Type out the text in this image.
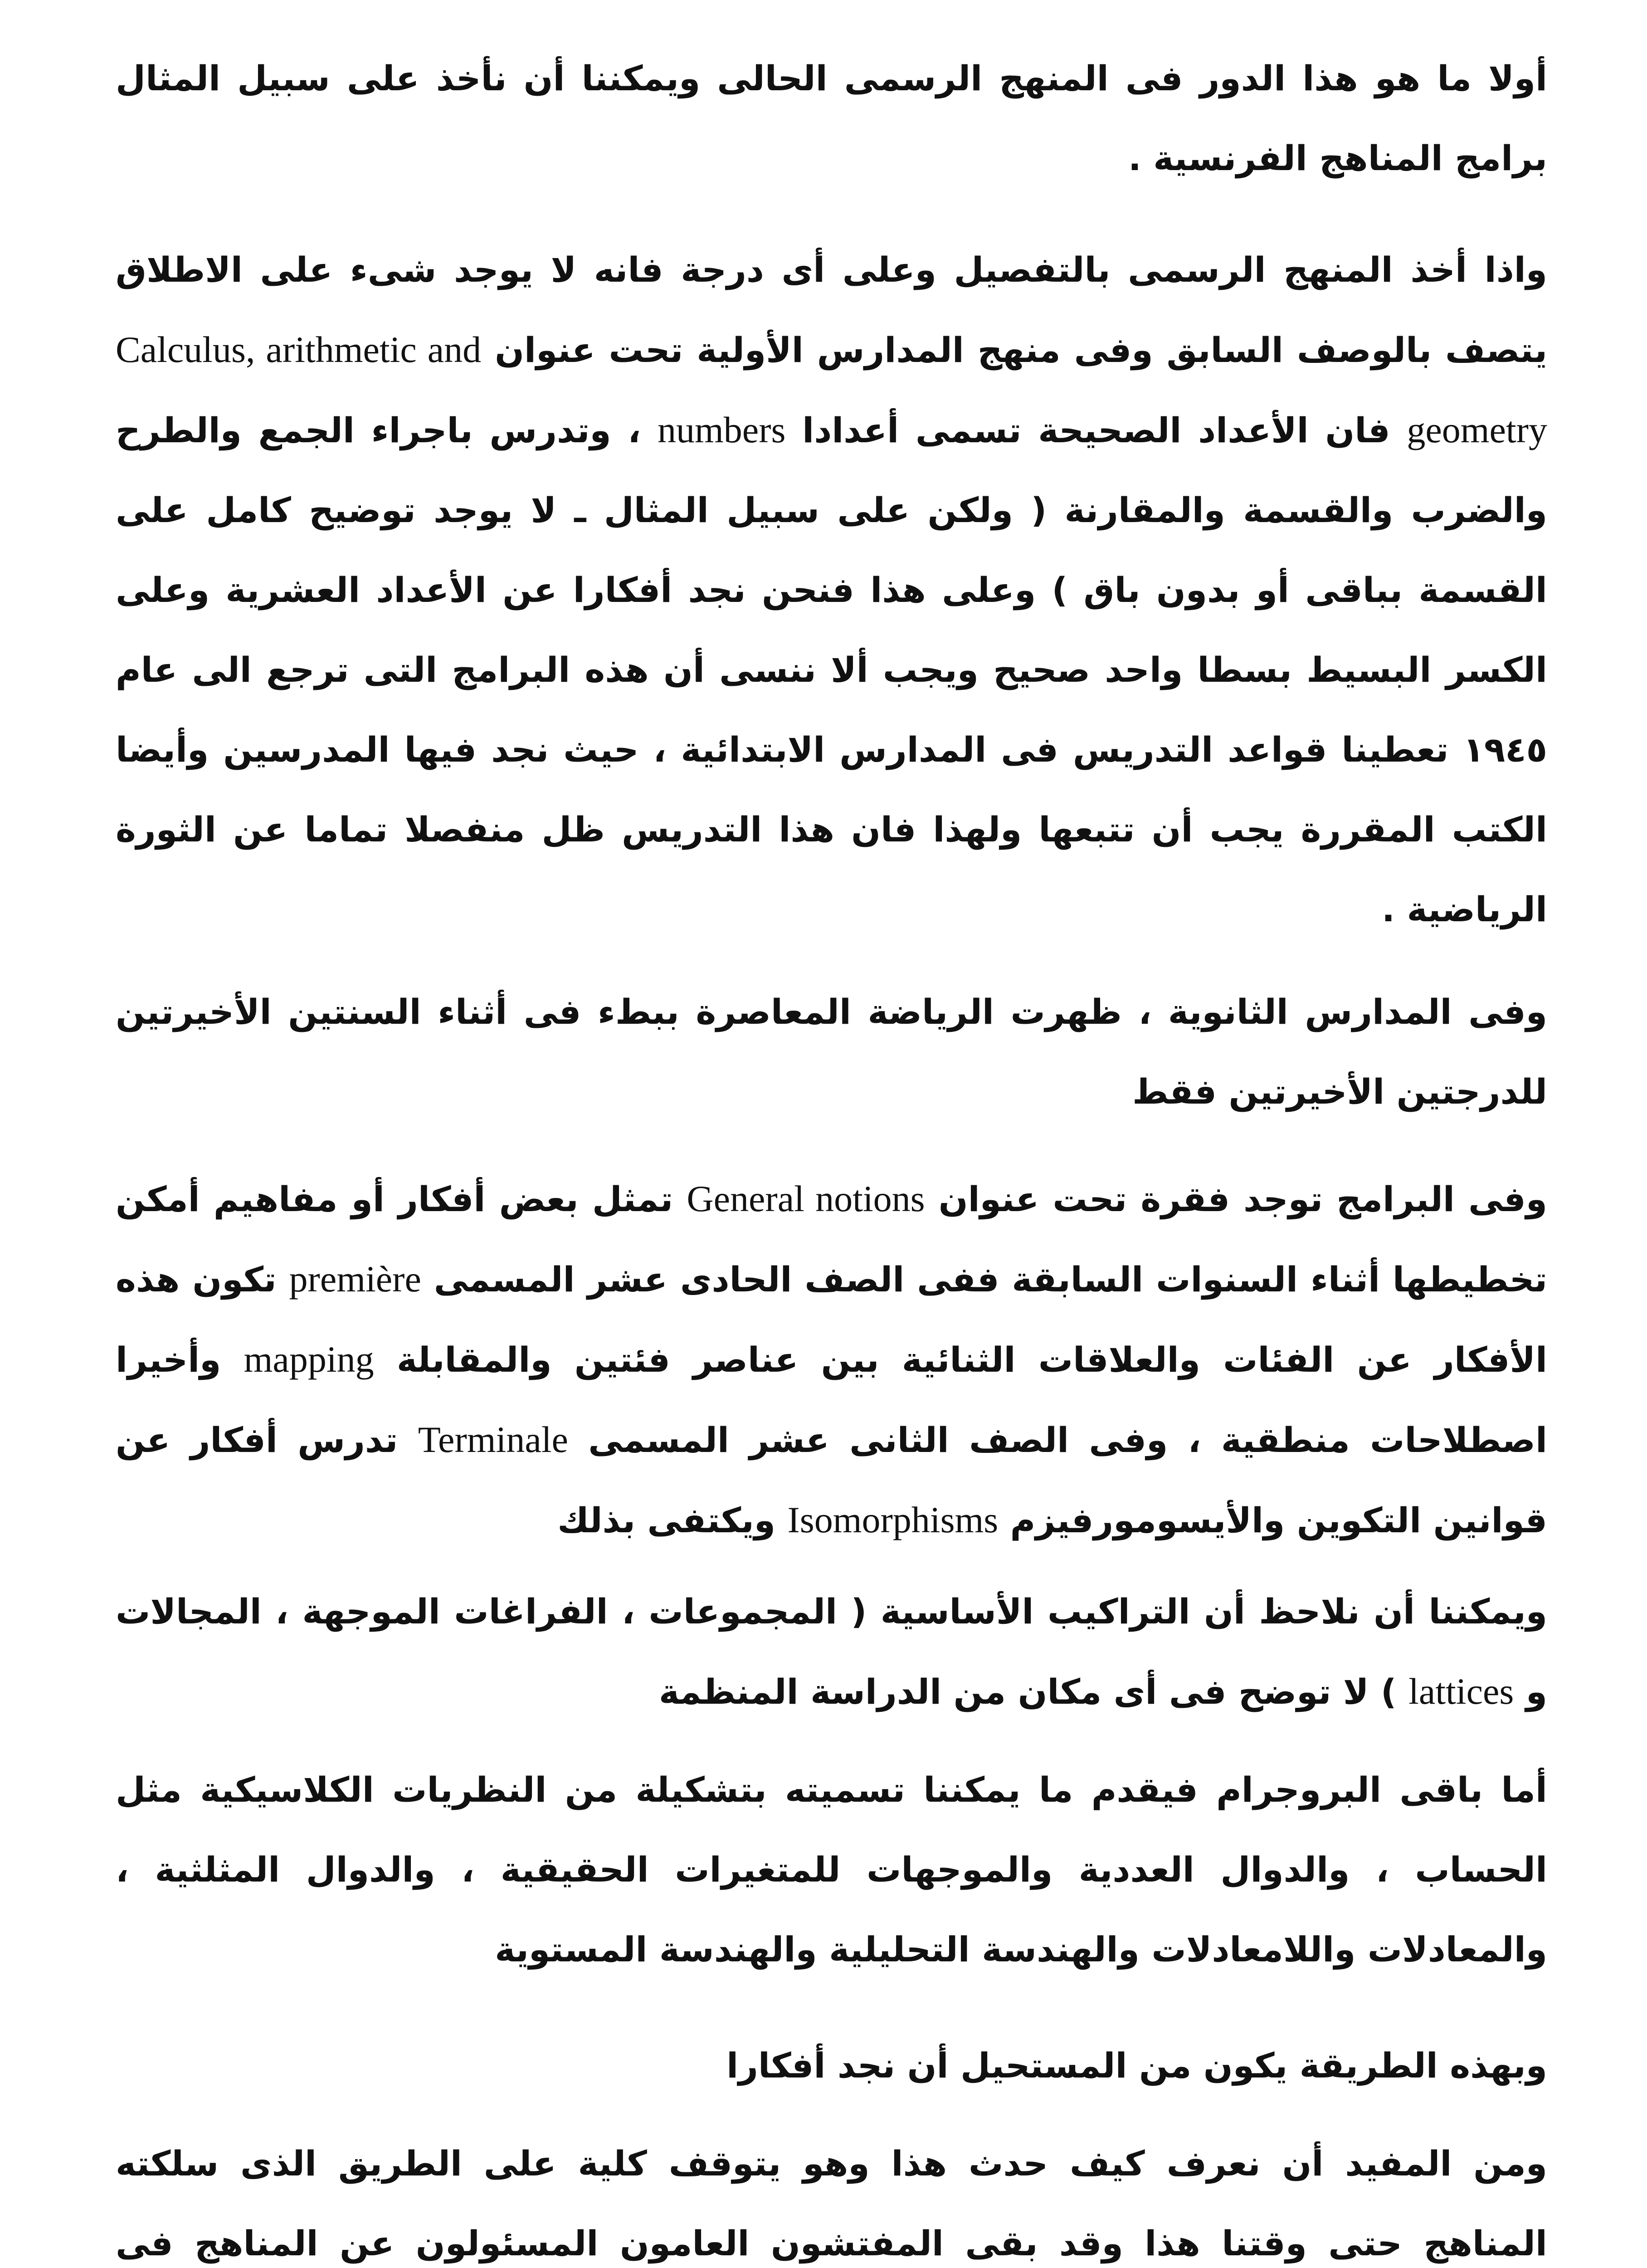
أولا ما هو هذا الدور فى المنهج الرسمى الحالى ويمكننا أن نأخذ على سبيل المثال برامج المناهج الفرنسية .

واذا أخذ المنهج الرسمى بالتفصيل وعلى أى درجة فانه لا يوجد شىء على الاطلاق يتصف بالوصف السابق وفى منهج المدارس الأولية تحت عنوان Calculus, arithmetic and geometry فان الأعداد الصحيحة تسمى أعدادا numbers ، وتدرس باجراء الجمع والطرح والضرب والقسمة والمقارنة ( ولكن على سبيل المثال ـ لا يوجد توضيح كامل على القسمة بباقى أو بدون باق ) وعلى هذا فنحن نجد أفكارا عن الأعداد العشرية وعلى الكسر البسيط بسطا واحد صحيح ويجب ألا ننسى أن هذه البرامج التى ترجع الى عام ١٩٤٥ تعطينا قواعد التدريس فى المدارس الابتدائية ، حيث نجد فيها المدرسين وأيضا الكتب المقررة يجب أن تتبعها ولهذا فان هذا التدريس ظل منفصلا تماما عن الثورة الرياضية .

وفى المدارس الثانوية ، ظهرت الرياضة المعاصرة ببطء فى أثناء السنتين الأخيرتين للدرجتين الأخيرتين فقط

وفى البرامج توجد فقرة تحت عنوان General notions تمثل بعض أفكار أو مفاهيم أمكن تخطيطها أثناء السنوات السابقة ففى الصف الحادى عشر المسمى première تكون هذه الأفكار عن الفئات والعلاقات الثنائية بين عناصر فئتين والمقابلة mapping وأخيرا اصطلاحات منطقية ، وفى الصف الثانى عشر المسمى Terminale تدرس أفكار عن قوانين التكوين والأيسومورفيزم Isomorphisms ويكتفى بذلك

ويمكننا أن نلاحظ أن التراكيب الأساسية ( المجموعات ، الفراغات الموجهة ، المجالات و lattices ) لا توضح فى أى مكان من الدراسة المنظمة

أما باقى البروجرام فيقدم ما يمكننا تسميته بتشكيلة من النظريات الكلاسيكية مثل الحساب ، والدوال العددية والموجهات للمتغيرات الحقيقية ، والدوال المثلثية ، والمعادلات واللامعادلات والهندسة التحليلية والهندسة المستوية

وبهذه الطريقة يكون من المستحيل أن نجد أفكارا

ومن المفيد أن نعرف كيف حدث هذا وهو يتوقف كلية على الطريق الذى سلكته المناهج حتى وقتنا هذا وقد بقى المفتشون العامون المسئولون عن المناهج فى
